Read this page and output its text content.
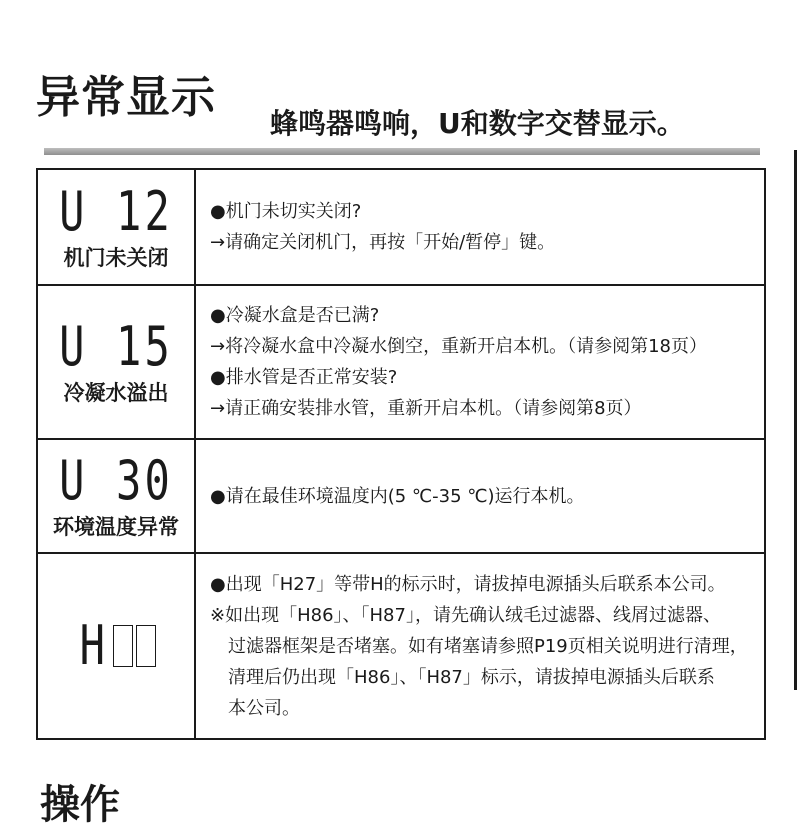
异常显示
蜂鸣器鸣响，U和数字交替显示。
U 12
机门未关闭
●机门未切实关闭?
→请确定关闭机门，再按「开始/暂停」键。
U 15
冷凝水溢出
●冷凝水盒是否已满?
→将冷凝水盒中冷凝水倒空，重新开启本机。（请参阅第18页）
●排水管是否正常安装?
→请正确安装排水管，重新开启本机。（请参阅第8页）
U 30
环境温度异常
●请在最佳环境温度内(5 ℃-35 ℃)运行本机。
H
●出现「H27」等带H的标示时，请拔掉电源插头后联系本公司。
※如出现「H86」、「H87」，请先确认绒毛过滤器、线屑过滤器、
过滤器框架是否堵塞。如有堵塞请参照P19页相关说明进行清理，
清理后仍出现「H86」、「H87」标示，请拔掉电源插头后联系
本公司。
操作
